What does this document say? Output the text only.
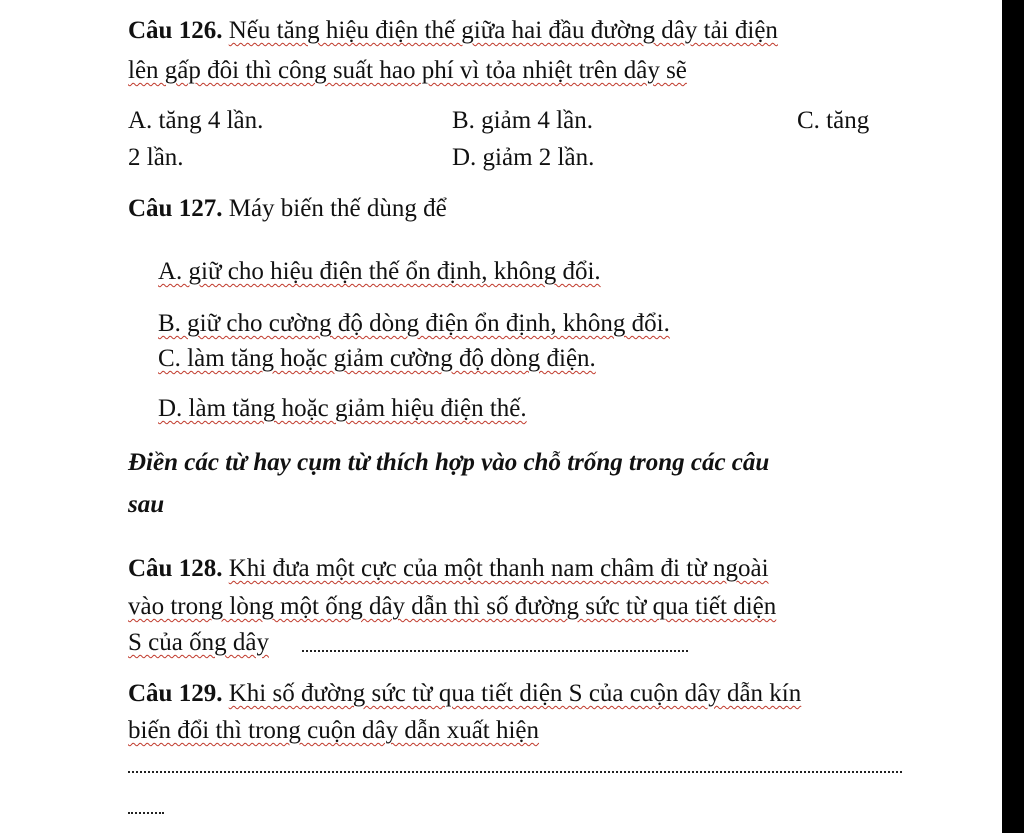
Câu 126. Nếu tăng hiệu điện thế giữa hai đầu đường dây tải điện
lên gấp đôi thì công suất hao phí vì tỏa nhiệt trên dây sẽ
A. tăng 4 lần.	B. giảm 4 lần.	C. tăng
2 lần.	D. giảm 2 lần.
Câu 127. Máy biến thế dùng để
A. giữ cho hiệu điện thế ổn định, không đổi.
B. giữ cho cường độ dòng điện ổn định, không đổi.
C. làm tăng hoặc giảm cường độ dòng điện.
D. làm tăng hoặc giảm hiệu điện thế.
Điền các từ hay cụm từ thích hợp vào chỗ trống trong các câu
sau
Câu 128. Khi đưa một cực của một thanh nam châm đi từ ngoài
vào trong lòng một ống dây dẫn thì số đường sức từ qua tiết diện
S của ống dây
Câu 129. Khi số đường sức từ qua tiết diện S của cuộn dây dẫn kín
biến đổi thì trong cuộn dây dẫn xuất hiện
